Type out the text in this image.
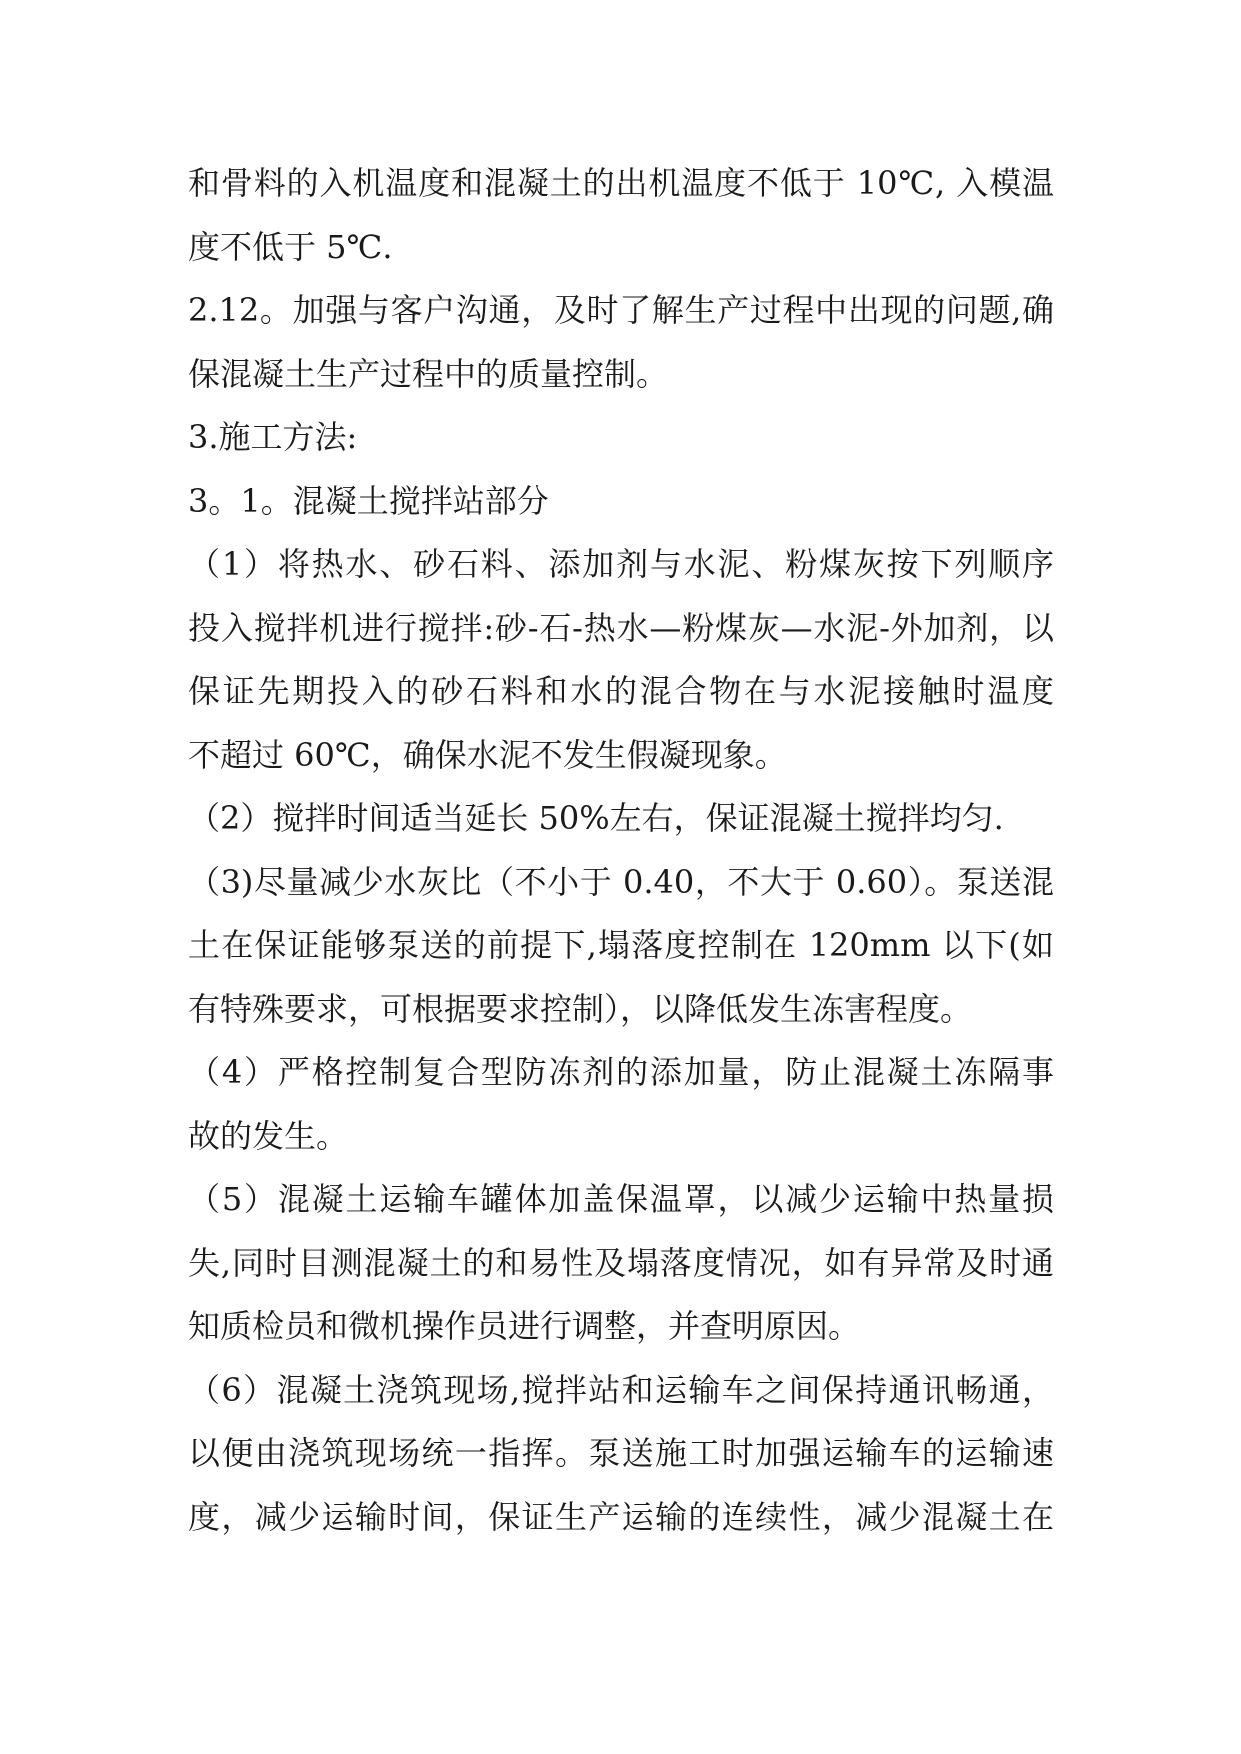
和骨料的入机温度和混凝土的出机温度不低于 10℃, 入模温
度不低于 5℃.
2.12。加强与客户沟通，及时了解生产过程中出现的问题,确
保混凝土生产过程中的质量控制。
3.施工方法:
3。1。混凝土搅拌站部分
（1）将热水、砂石料、添加剂与水泥、粉煤灰按下列顺序
投入搅拌机进行搅拌:砂-石-热水—粉煤灰—水泥-外加剂，以
保证先期投入的砂石料和水的混合物在与水泥接触时温度
不超过 60℃，确保水泥不发生假凝现象。
（2）搅拌时间适当延长 50%左右，保证混凝土搅拌均匀.
（3)尽量减少水灰比（不小于 0.40，不大于 0.60）。泵送混
土在保证能够泵送的前提下,塌落度控制在 120mm 以下(如
有特殊要求，可根据要求控制），以降低发生冻害程度。
（4）严格控制复合型防冻剂的添加量，防止混凝土冻隔事
故的发生。
（5）混凝土运输车罐体加盖保温罩，以减少运输中热量损
失,同时目测混凝土的和易性及塌落度情况，如有异常及时通
知质检员和微机操作员进行调整，并查明原因。
（6）混凝土浇筑现场,搅拌站和运输车之间保持通讯畅通，
以便由浇筑现场统一指挥。泵送施工时加强运输车的运输速
度，减少运输时间，保证生产运输的连续性，减少混凝土在
